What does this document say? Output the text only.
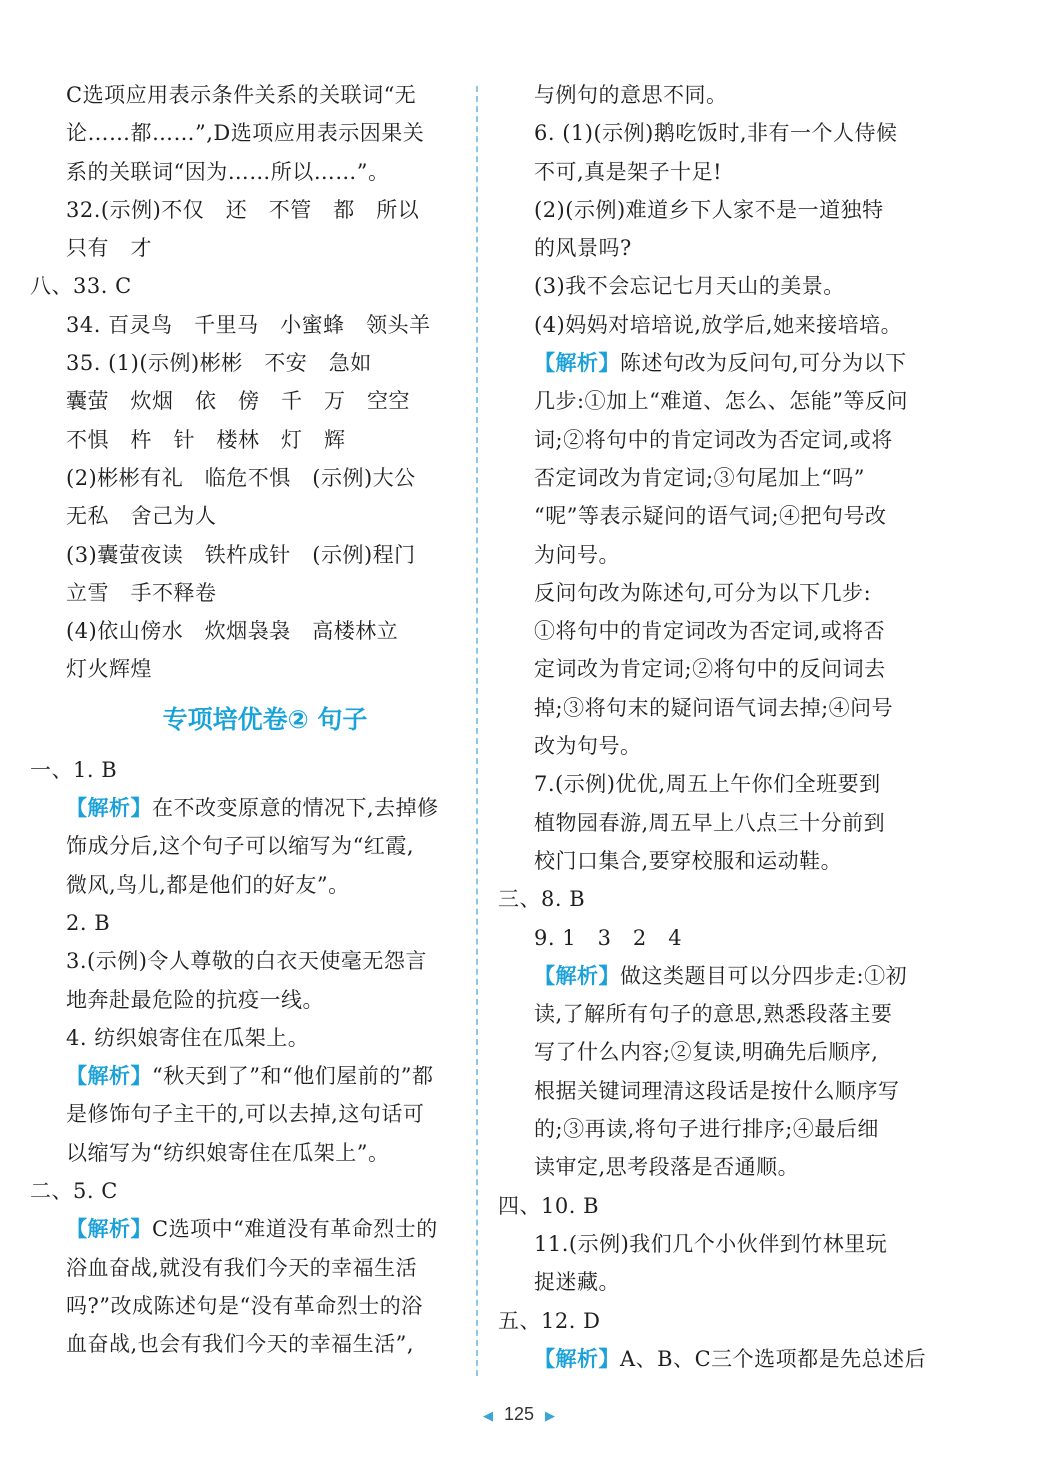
C选项应用表示条件关系的关联词“无
论……都……”,D选项应用表示因果关
系的关联词“因为……所以……”。
32.(示例)不仅　还　不管　都　所以
只有　才
八、33. C
34. 百灵鸟　千里马　小蜜蜂　领头羊
35. (1)(示例)彬彬　不安　急如
囊萤　炊烟　依　傍　千　万　空空
不惧　杵　针　楼林　灯　辉
(2)彬彬有礼　临危不惧　(示例)大公
无私　舍己为人
(3)囊萤夜读　铁杵成针　(示例)程门
立雪　手不释卷
(4)依山傍水　炊烟袅袅　高楼林立
灯火辉煌
专项培优卷② 句子
一、1. B
【解析】在不改变原意的情况下,去掉修
饰成分后,这个句子可以缩写为“红霞,
微风,鸟儿,都是他们的好友”。
2. B
3.(示例)令人尊敬的白衣天使毫无怨言
地奔赴最危险的抗疫一线。
4. 纺织娘寄住在瓜架上。
【解析】“秋天到了”和“他们屋前的”都
是修饰句子主干的,可以去掉,这句话可
以缩写为“纺织娘寄住在瓜架上”。
二、5. C
【解析】C选项中“难道没有革命烈士的
浴血奋战,就没有我们今天的幸福生活
吗?”改成陈述句是“没有革命烈士的浴
血奋战,也会有我们今天的幸福生活”,
与例句的意思不同。
6. (1)(示例)鹅吃饭时,非有一个人侍候
不可,真是架子十足!
(2)(示例)难道乡下人家不是一道独特
的风景吗?
(3)我不会忘记七月天山的美景。
(4)妈妈对培培说,放学后,她来接培培。
【解析】陈述句改为反问句,可分为以下
几步:①加上“难道、怎么、怎能”等反问
词;②将句中的肯定词改为否定词,或将
否定词改为肯定词;③句尾加上“吗”
“呢”等表示疑问的语气词;④把句号改
为问号。
反问句改为陈述句,可分为以下几步:
①将句中的肯定词改为否定词,或将否
定词改为肯定词;②将句中的反问词去
掉;③将句末的疑问语气词去掉;④问号
改为句号。
7.(示例)优优,周五上午你们全班要到
植物园春游,周五早上八点三十分前到
校门口集合,要穿校服和运动鞋。
三、8. B
9. 1　3　2　4
【解析】做这类题目可以分四步走:①初
读,了解所有句子的意思,熟悉段落主要
写了什么内容;②复读,明确先后顺序,
根据关键词理清这段话是按什么顺序写
的;③再读,将句子进行排序;④最后细
读审定,思考段落是否通顺。
四、10. B
11.(示例)我们几个小伙伴到竹林里玩
捉迷藏。
五、12. D
【解析】A、B、C三个选项都是先总述后
◀ 125 ▶
